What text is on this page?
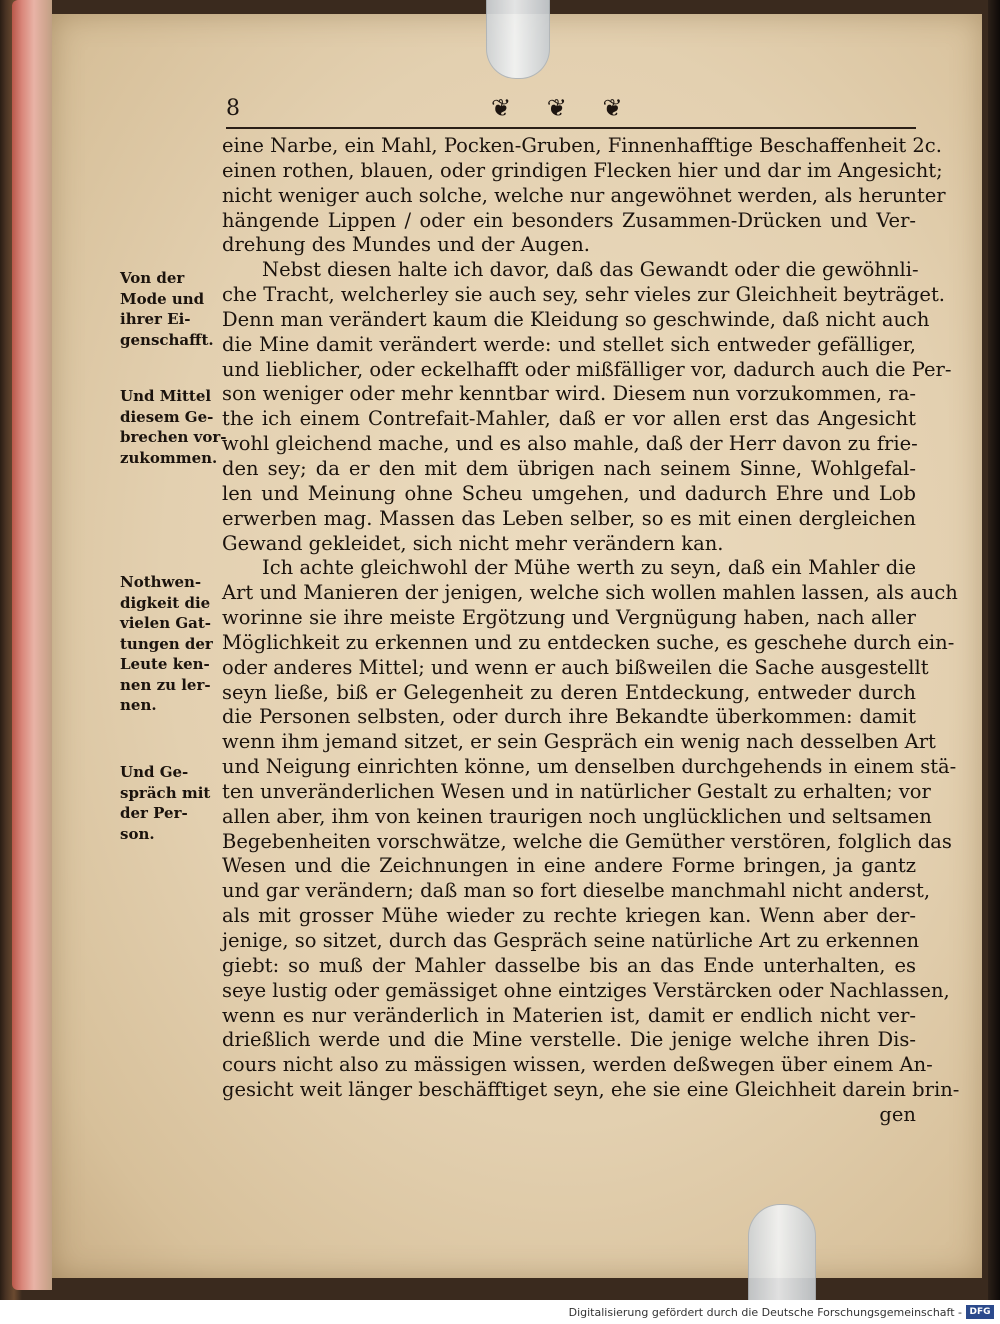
8	❦ ❦ ❦
eine Narbe, ein Mahl, Pocken-Gruben, Finnenhafftige Beschaffenheit 2c.
einen rothen, blauen, oder grindigen Flecken hier und dar im Angesicht;
nicht weniger auch solche, welche nur angewöhnet werden, als herunter
hängende Lippen / oder ein besonders Zusammen-Drücken und Ver-
drehung des Mundes und der Augen.
Nebst diesen halte ich davor, daß das Gewandt oder die gewöhnli-
che Tracht, welcherley sie auch sey, sehr vieles zur Gleichheit beyträget.
Denn man verändert kaum die Kleidung so geschwinde, daß nicht auch
die Mine damit verändert werde: und stellet sich entweder gefälliger,
und lieblicher, oder eckelhafft oder mißfälliger vor, dadurch auch die Per-
son weniger oder mehr kenntbar wird. Diesem nun vorzukommen, ra-
the ich einem Contrefait-Mahler, daß er vor allen erst das Angesicht
wohl gleichend mache, und es also mahle, daß der Herr davon zu frie-
den sey; da er den mit dem übrigen nach seinem Sinne, Wohlgefal-
len und Meinung ohne Scheu umgehen, und dadurch Ehre und Lob
erwerben mag. Massen das Leben selber, so es mit einen dergleichen
Gewand gekleidet, sich nicht mehr verändern kan.
Ich achte gleichwohl der Mühe werth zu seyn, daß ein Mahler die
Art und Manieren der jenigen, welche sich wollen mahlen lassen, als auch
worinne sie ihre meiste Ergötzung und Vergnügung haben, nach aller
Möglichkeit zu erkennen und zu entdecken suche, es geschehe durch ein-
oder anderes Mittel; und wenn er auch bißweilen die Sache ausgestellt
seyn ließe, biß er Gelegenheit zu deren Entdeckung, entweder durch
die Personen selbsten, oder durch ihre Bekandte überkommen: damit
wenn ihm jemand sitzet, er sein Gespräch ein wenig nach desselben Art
und Neigung einrichten könne, um denselben durchgehends in einem stä-
ten unveränderlichen Wesen und in natürlicher Gestalt zu erhalten; vor
allen aber, ihm von keinen traurigen noch unglücklichen und seltsamen
Begebenheiten vorschwätze, welche die Gemüther verstören, folglich das
Wesen und die Zeichnungen in eine andere Forme bringen, ja gantz
und gar verändern; daß man so fort dieselbe manchmahl nicht anderst,
als mit grosser Mühe wieder zu rechte kriegen kan. Wenn aber der-
jenige, so sitzet, durch das Gespräch seine natürliche Art zu erkennen
giebt: so muß der Mahler dasselbe bis an das Ende unterhalten, es
seye lustig oder gemässiget ohne eintziges Verstärcken oder Nachlassen,
wenn es nur veränderlich in Materien ist, damit er endlich nicht ver-
drießlich werde und die Mine verstelle. Die jenige welche ihren Dis-
cours nicht also zu mässigen wissen, werden deßwegen über einem An-
gesicht weit länger beschäfftiget seyn, ehe sie eine Gleichheit darein brin-
gen
Von der
Mode und
ihrer Ei-
genschafft.
Und Mittel
diesem Ge-
brechen vor-
zukommen.
Nothwen-
digkeit die
vielen Gat-
tungen der
Leute ken-
nen zu ler-
nen.
Und Ge-
spräch mit
der Per-
son.
Digitalisierung gefördert durch die Deutsche Forschungsgemeinschaft - DFG
